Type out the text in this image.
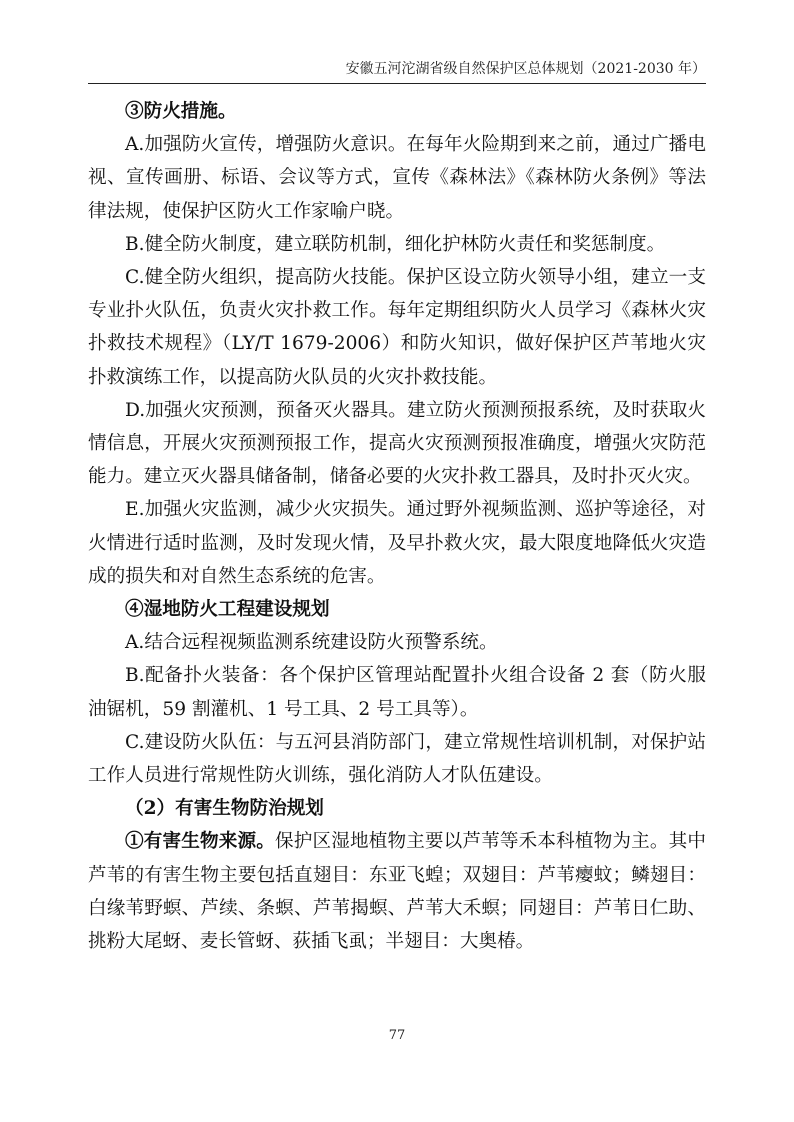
安徽五河沱湖省级自然保护区总体规划（2021-2030 年）

③防火措施。

A.加强防火宣传，增强防火意识。在每年火险期到来之前，通过广播电视、宣传画册、标语、会议等方式，宣传《森林法》《森林防火条例》等法律法规，使保护区防火工作家喻户晓。

B.健全防火制度，建立联防机制，细化护林防火责任和奖惩制度。

C.健全防火组织，提高防火技能。保护区设立防火领导小组，建立一支专业扑火队伍，负责火灾扑救工作。每年定期组织防火人员学习《森林火灾扑救技术规程》（LY/T 1679-2006）和防火知识，做好保护区芦苇地火灾扑救演练工作，以提高防火队员的火灾扑救技能。

D.加强火灾预测，预备灭火器具。建立防火预测预报系统，及时获取火情信息，开展火灾预测预报工作，提高火灾预测预报准确度，增强火灾防范能力。建立灭火器具储备制，储备必要的火灾扑救工器具，及时扑灭火灾。

E.加强火灾监测，减少火灾损失。通过野外视频监测、巡护等途径，对火情进行适时监测，及时发现火情，及早扑救火灾，最大限度地降低火灾造成的损失和对自然生态系统的危害。

④湿地防火工程建设规划

A.结合远程视频监测系统建设防火预警系统。

B.配备扑火装备：各个保护区管理站配置扑火组合设备 2 套（防火服油锯机，59 割灌机、1 号工具、2 号工具等）。

C.建设防火队伍：与五河县消防部门，建立常规性培训机制，对保护站工作人员进行常规性防火训练，强化消防人才队伍建设。

（2）有害生物防治规划

①有害生物来源。保护区湿地植物主要以芦苇等禾本科植物为主。其中芦苇的有害生物主要包括直翅目：东亚飞蝗；双翅目：芦苇瘿蚊；鳞翅目：白缘苇野螟、芦续、条螟、芦苇揭螟、芦苇大禾螟；同翅目：芦苇日仁助、挑粉大尾蚜、麦长管蚜、荻插飞虱；半翅目：大奥椿。

77
